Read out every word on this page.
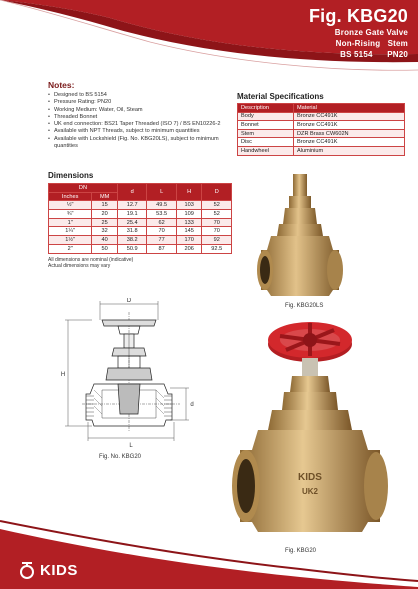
Fig. KBG20
Bronze Gate Valve
Non-Rising Stem
BS 5154 PN20
Notes:
• Designed to BS 5154
• Pressure Rating: PN20
• Working Medium: Water, Oil, Steam
• Threaded Bonnet
• UK end connection: BS21 Taper Threaded (ISO 7) / BS EN10226-2
• Available with NPT Threads, subject to minimum quantities
• Available with Lockshield (Fig. No. KBG20LS), subject to minimum quantities
Material Specifications
Description	Material
Body	Bronze CC491K
Bonnet	Bronze CC491K
Stem	DZR Brass CW602N
Disc	Bronze CC491K
Handwheel	Aluminium
Dimensions
DN		d	L	H	D
Inches	MM				
½"	15	12.7	49.5	103	52
¾"	20	19.1	53.5	109	52
1"	25	25.4	62	133	70
1¼"	32	31.8	70	145	70
1½"	40	38.2	77	170	92
2"	50	50.9	87	206	92.5
All dimensions are nominal (indicative)
Actual dimensions may vary
D
H
d
L
Fig. No. KBG20
Fig. KBG20LS
KIDS
UK2
Fig. KBG20
KIDS
